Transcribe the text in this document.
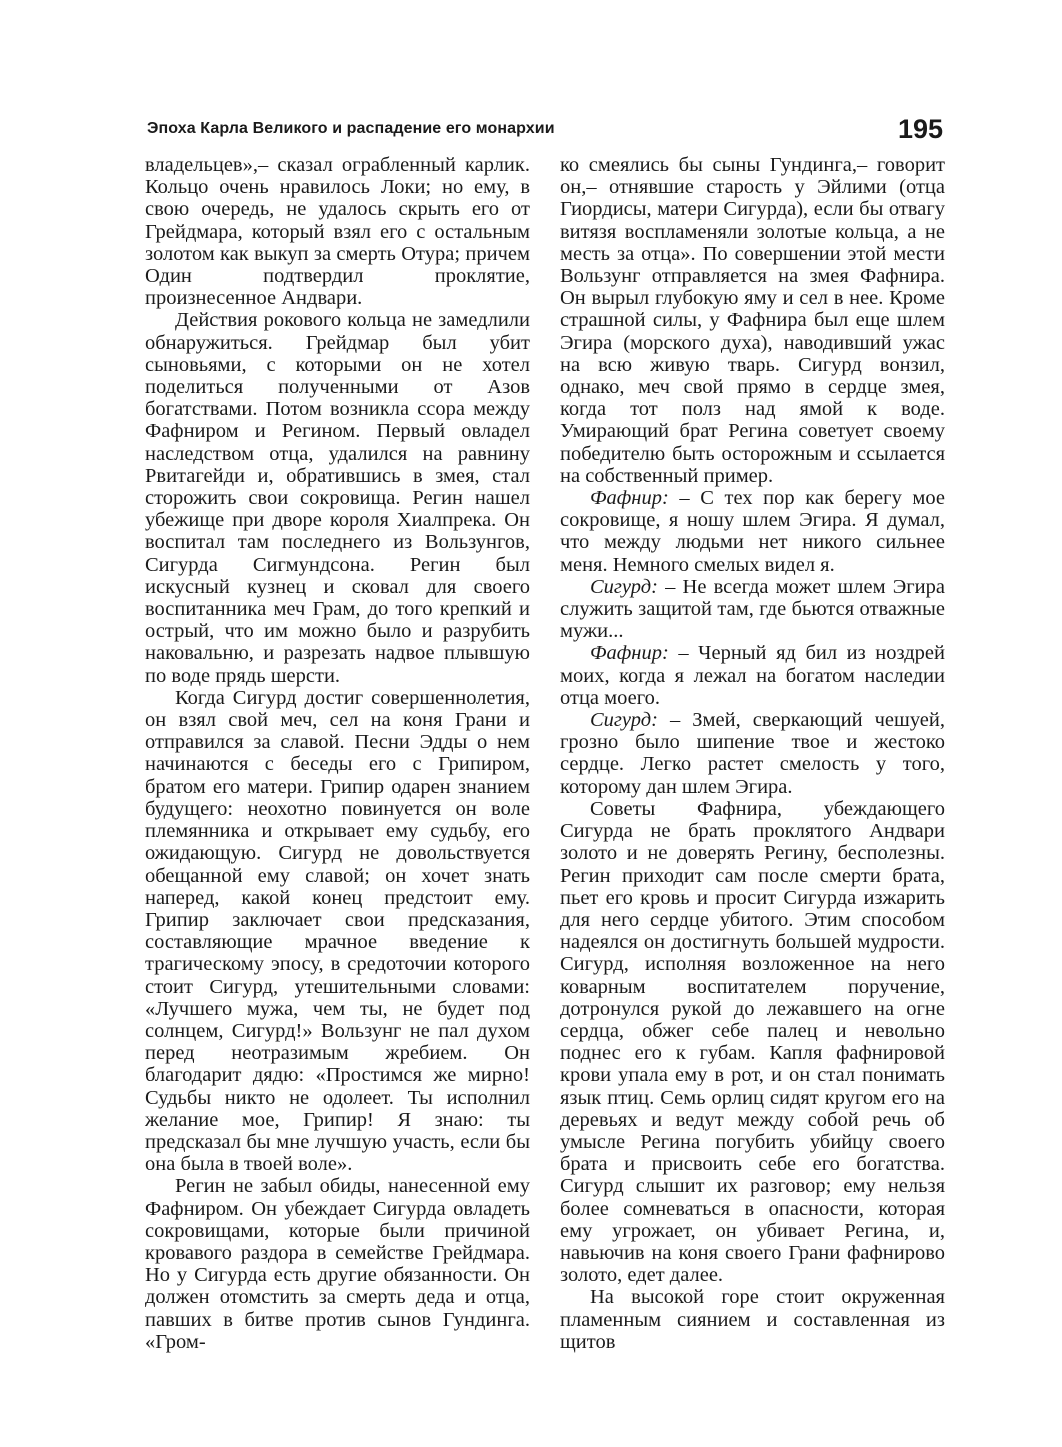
Эпоха Карла Великого и распадение его монархии	195

владельцев»,– сказал ограбленный карлик. Кольцо очень нравилось Локи; но ему, в свою очередь, не удалось скрыть его от Грейдмара, который взял его с остальным золотом как выкуп за смерть Отура; причем Один подтвердил проклятие, произнесенное Андвари.

Действия рокового кольца не замедлили обнаружиться. Грейдмар был убит сыновьями, с которыми он не хотел поделиться полученными от Азов богатствами. Потом возникла ссора между Фафниром и Регином. Первый овладел наследством отца, удалился на равнину Рвитагейди и, обратившись в змея, стал сторожить свои сокровища. Регин нашел убежище при дворе короля Хиалпрека. Он воспитал там последнего из Вользунгов, Сигурда Сигмундсона. Регин был искусный кузнец и сковал для своего воспитанника меч Грам, до того крепкий и острый, что им можно было и разрубить наковальню, и разрезать надвое плывшую по воде прядь шерсти.

Когда Сигурд достиг совершеннолетия, он взял свой меч, сел на коня Грани и отправился за славой. Песни Эдды о нем начинаются с беседы его с Грипиром, братом его матери. Грипир одарен знанием будущего: неохотно повинуется он воле племянника и открывает ему судьбу, его ожидающую. Сигурд не довольствуется обещанной ему славой; он хочет знать наперед, какой конец предстоит ему. Грипир заключает свои предсказания, составляющие мрачное введение к трагическому эпосу, в средоточии которого стоит Сигурд, утешительными словами: «Лучшего мужа, чем ты, не будет под солнцем, Сигурд!» Вользунг не пал духом перед неотразимым жребием. Он благодарит дядю: «Простимся же мирно! Судьбы никто не одолеет. Ты исполнил желание мое, Грипир! Я знаю: ты предсказал бы мне лучшую участь, если бы она была в твоей воле».

Регин не забыл обиды, нанесенной ему Фафниром. Он убеждает Сигурда овладеть сокровищами, которые были причиной кровавого раздора в семействе Грейдмара. Но у Сигурда есть другие обязанности. Он должен отомстить за смерть деда и отца, павших в битве против сынов Гундинга. «Гром-

ко смеялись бы сыны Гундинга,– говорит он,– отнявшие старость у Эйлими (отца Гиордисы, матери Сигурда), если бы отвагу витязя воспламеняли золотые кольца, а не месть за отца». По совершении этой мести Вользунг отправляется на змея Фафнира. Он вырыл глубокую яму и сел в нее. Кроме страшной силы, у Фафнира был еще шлем Эгира (морского духа), наводивший ужас на всю живую тварь. Сигурд вонзил, однако, меч свой прямо в сердце змея, когда тот полз над ямой к воде. Умирающий брат Регина советует своему победителю быть осторожным и ссылается на собственный пример.

Фафнир: – С тех пор как берегу мое сокровище, я ношу шлем Эгира. Я думал, что между людьми нет никого сильнее меня. Немного смелых видел я.

Сигурд: – Не всегда может шлем Эгира служить защитой там, где бьются отважные мужи...

Фафнир: – Черный яд бил из ноздрей моих, когда я лежал на богатом наследии отца моего.

Сигурд: – Змей, сверкающий чешуей, грозно было шипение твое и жестоко сердце. Легко растет смелость у того, которому дан шлем Эгира.

Советы Фафнира, убеждающего Сигурда не брать проклятого Андвари золото и не доверять Регину, бесполезны. Регин приходит сам после смерти брата, пьет его кровь и просит Сигурда изжарить для него сердце убитого. Этим способом надеялся он достигнуть большей мудрости. Сигурд, исполняя возложенное на него коварным воспитателем поручение, дотронулся рукой до лежавшего на огне сердца, обжег себе палец и невольно поднес его к губам. Капля фафнировой крови упала ему в рот, и он стал понимать язык птиц. Семь орлиц сидят кругом его на деревьях и ведут между собой речь об умысле Регина погубить убийцу своего брата и присвоить себе его богатства. Сигурд слышит их разговор; ему нельзя более сомневаться в опасности, которая ему угрожает, он убивает Регина, и, навьючив на коня своего Грани фафнирово золото, едет далее.

На высокой горе стоит окруженная пламенным сиянием и составленная из щитов
